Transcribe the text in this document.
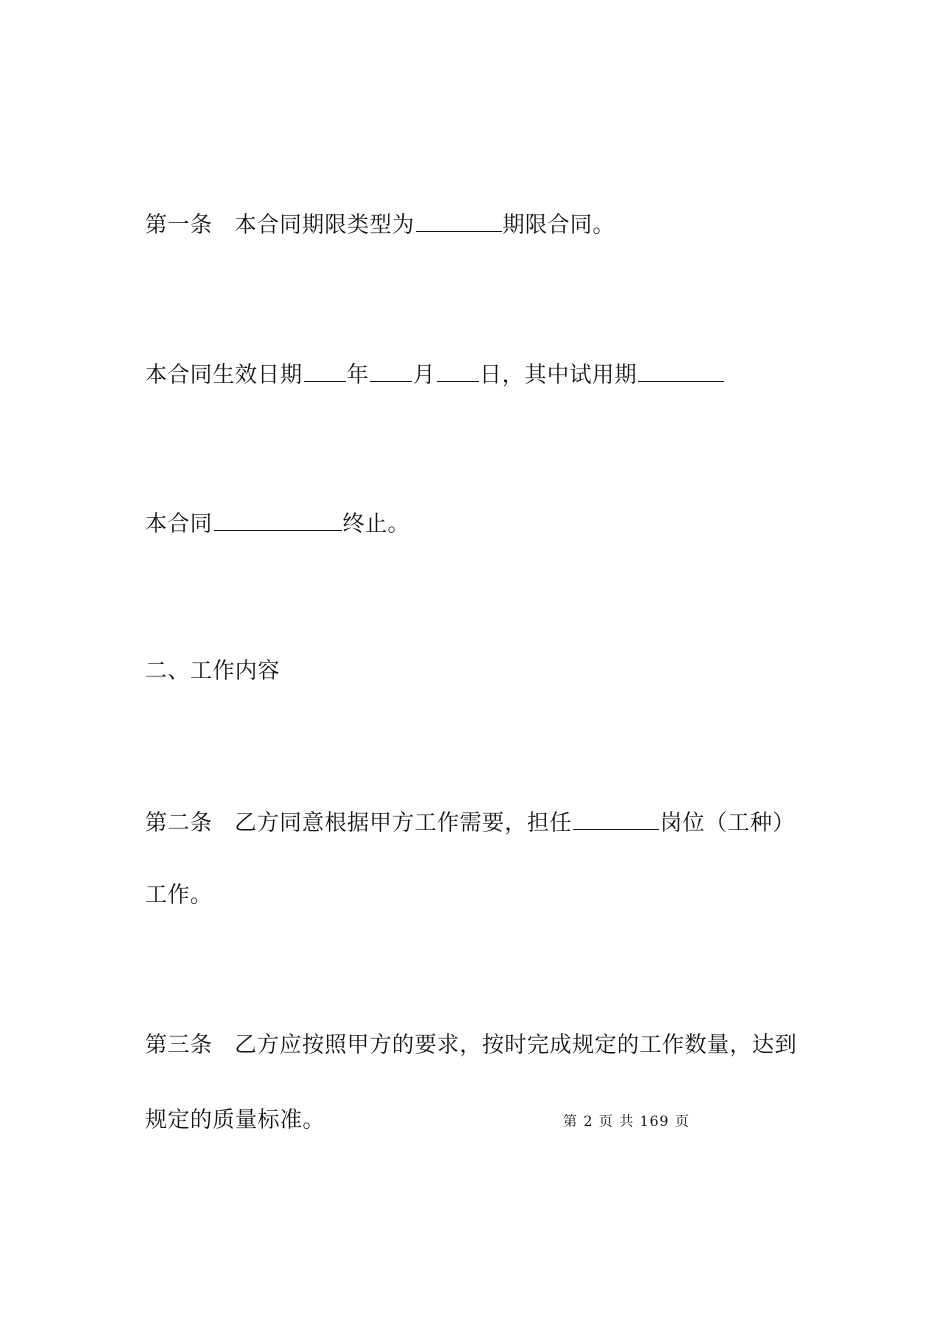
第一条 本合同期限类型为	期限合同。
本合同生效日期 年 月 日，其中试用期
本合同	终止。
二、工作内容
第二条 乙方同意根据甲方工作需要，担任	岗位（工种）
工作。
第三条 乙方应按照甲方的要求，按时完成规定的工作数量，达到
规定的质量标准。	第 2 页 共 169 页
